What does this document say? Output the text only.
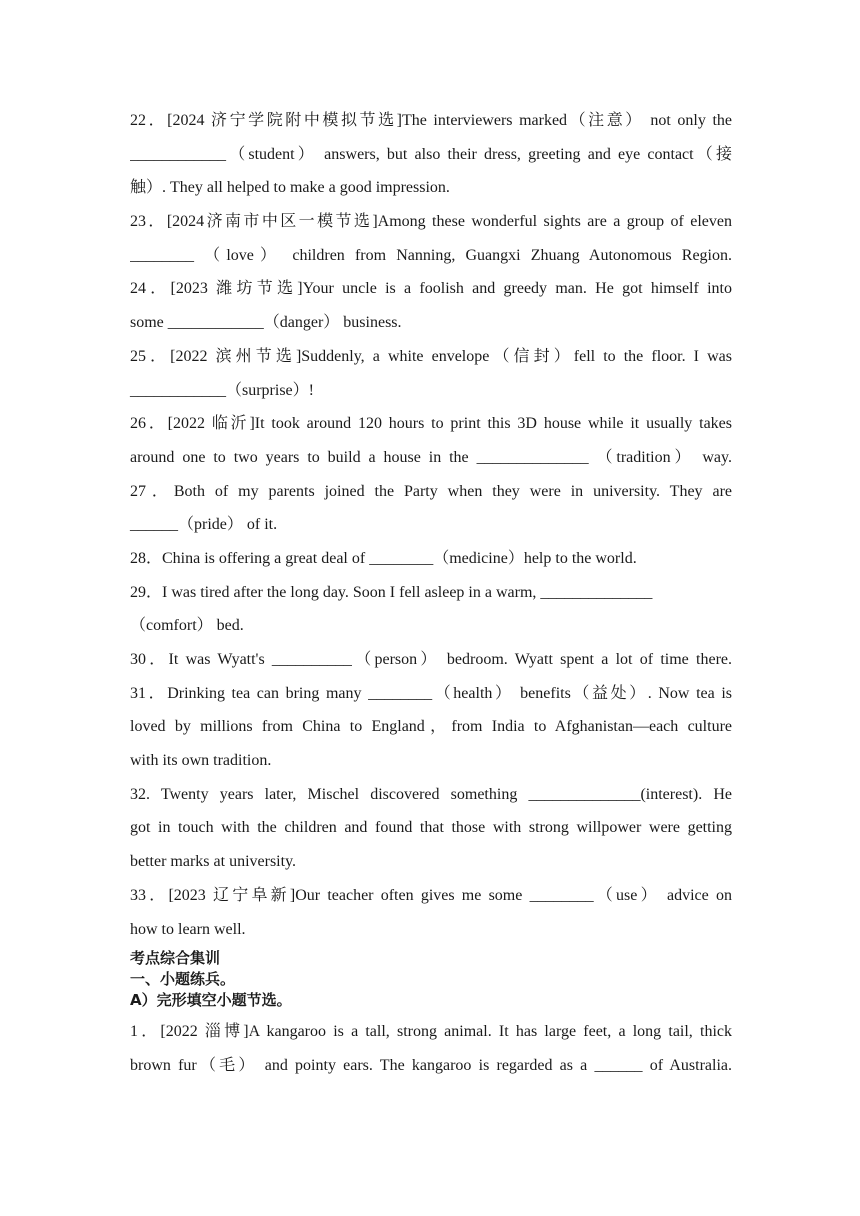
22．[2024 济宁学院附中模拟节选]The interviewers marked（注意） not only the
____________（student） answers, but also their dress, greeting and eye contact（接
触）. They all helped to make a good impression.
23．[2024济南市中区一模节选]Among these wonderful sights are a group of eleven
________ （love） children from Nanning, Guangxi Zhuang Autonomous Region.
24．[2023 潍坊节选]Your uncle is a foolish and greedy man. He got himself into
some ____________（danger） business.
25．[2022 滨州节选]Suddenly, a white envelope（信封）fell to the floor. I was
____________（surprise）!
26．[2022 临沂]It took around 120 hours to print this 3D house while it usually takes
around one to two years to build a house in the ______________ （tradition） way.
27．Both of my parents joined the Party when they were in university. They are
______（pride） of it.
28．China is offering a great deal of ________（medicine）help to the world.
29．I was tired after the long day. Soon I fell asleep in a warm, ______________
（comfort） bed.
30．It was Wyatt's __________（person） bedroom. Wyatt spent a lot of time there.
31．Drinking tea can bring many ________（health） benefits（益处）. Now tea is
loved by millions from China to England，from India to Afghanistan—each culture
with its own tradition.
32. Twenty years later, Mischel discovered something ______________(interest). He
got in touch with the children and found that those with strong willpower were getting
better marks at university.
33．[2023 辽宁阜新]Our teacher often gives me some ________（use） advice on
how to learn well.
考点综合集训
一、小题练兵。
A）完形填空小题节选。
1．[2022 淄博]A kangaroo is a tall, strong animal. It has large feet, a long tail, thick
brown fur（毛） and pointy ears. The kangaroo is regarded as a ______ of Australia.
